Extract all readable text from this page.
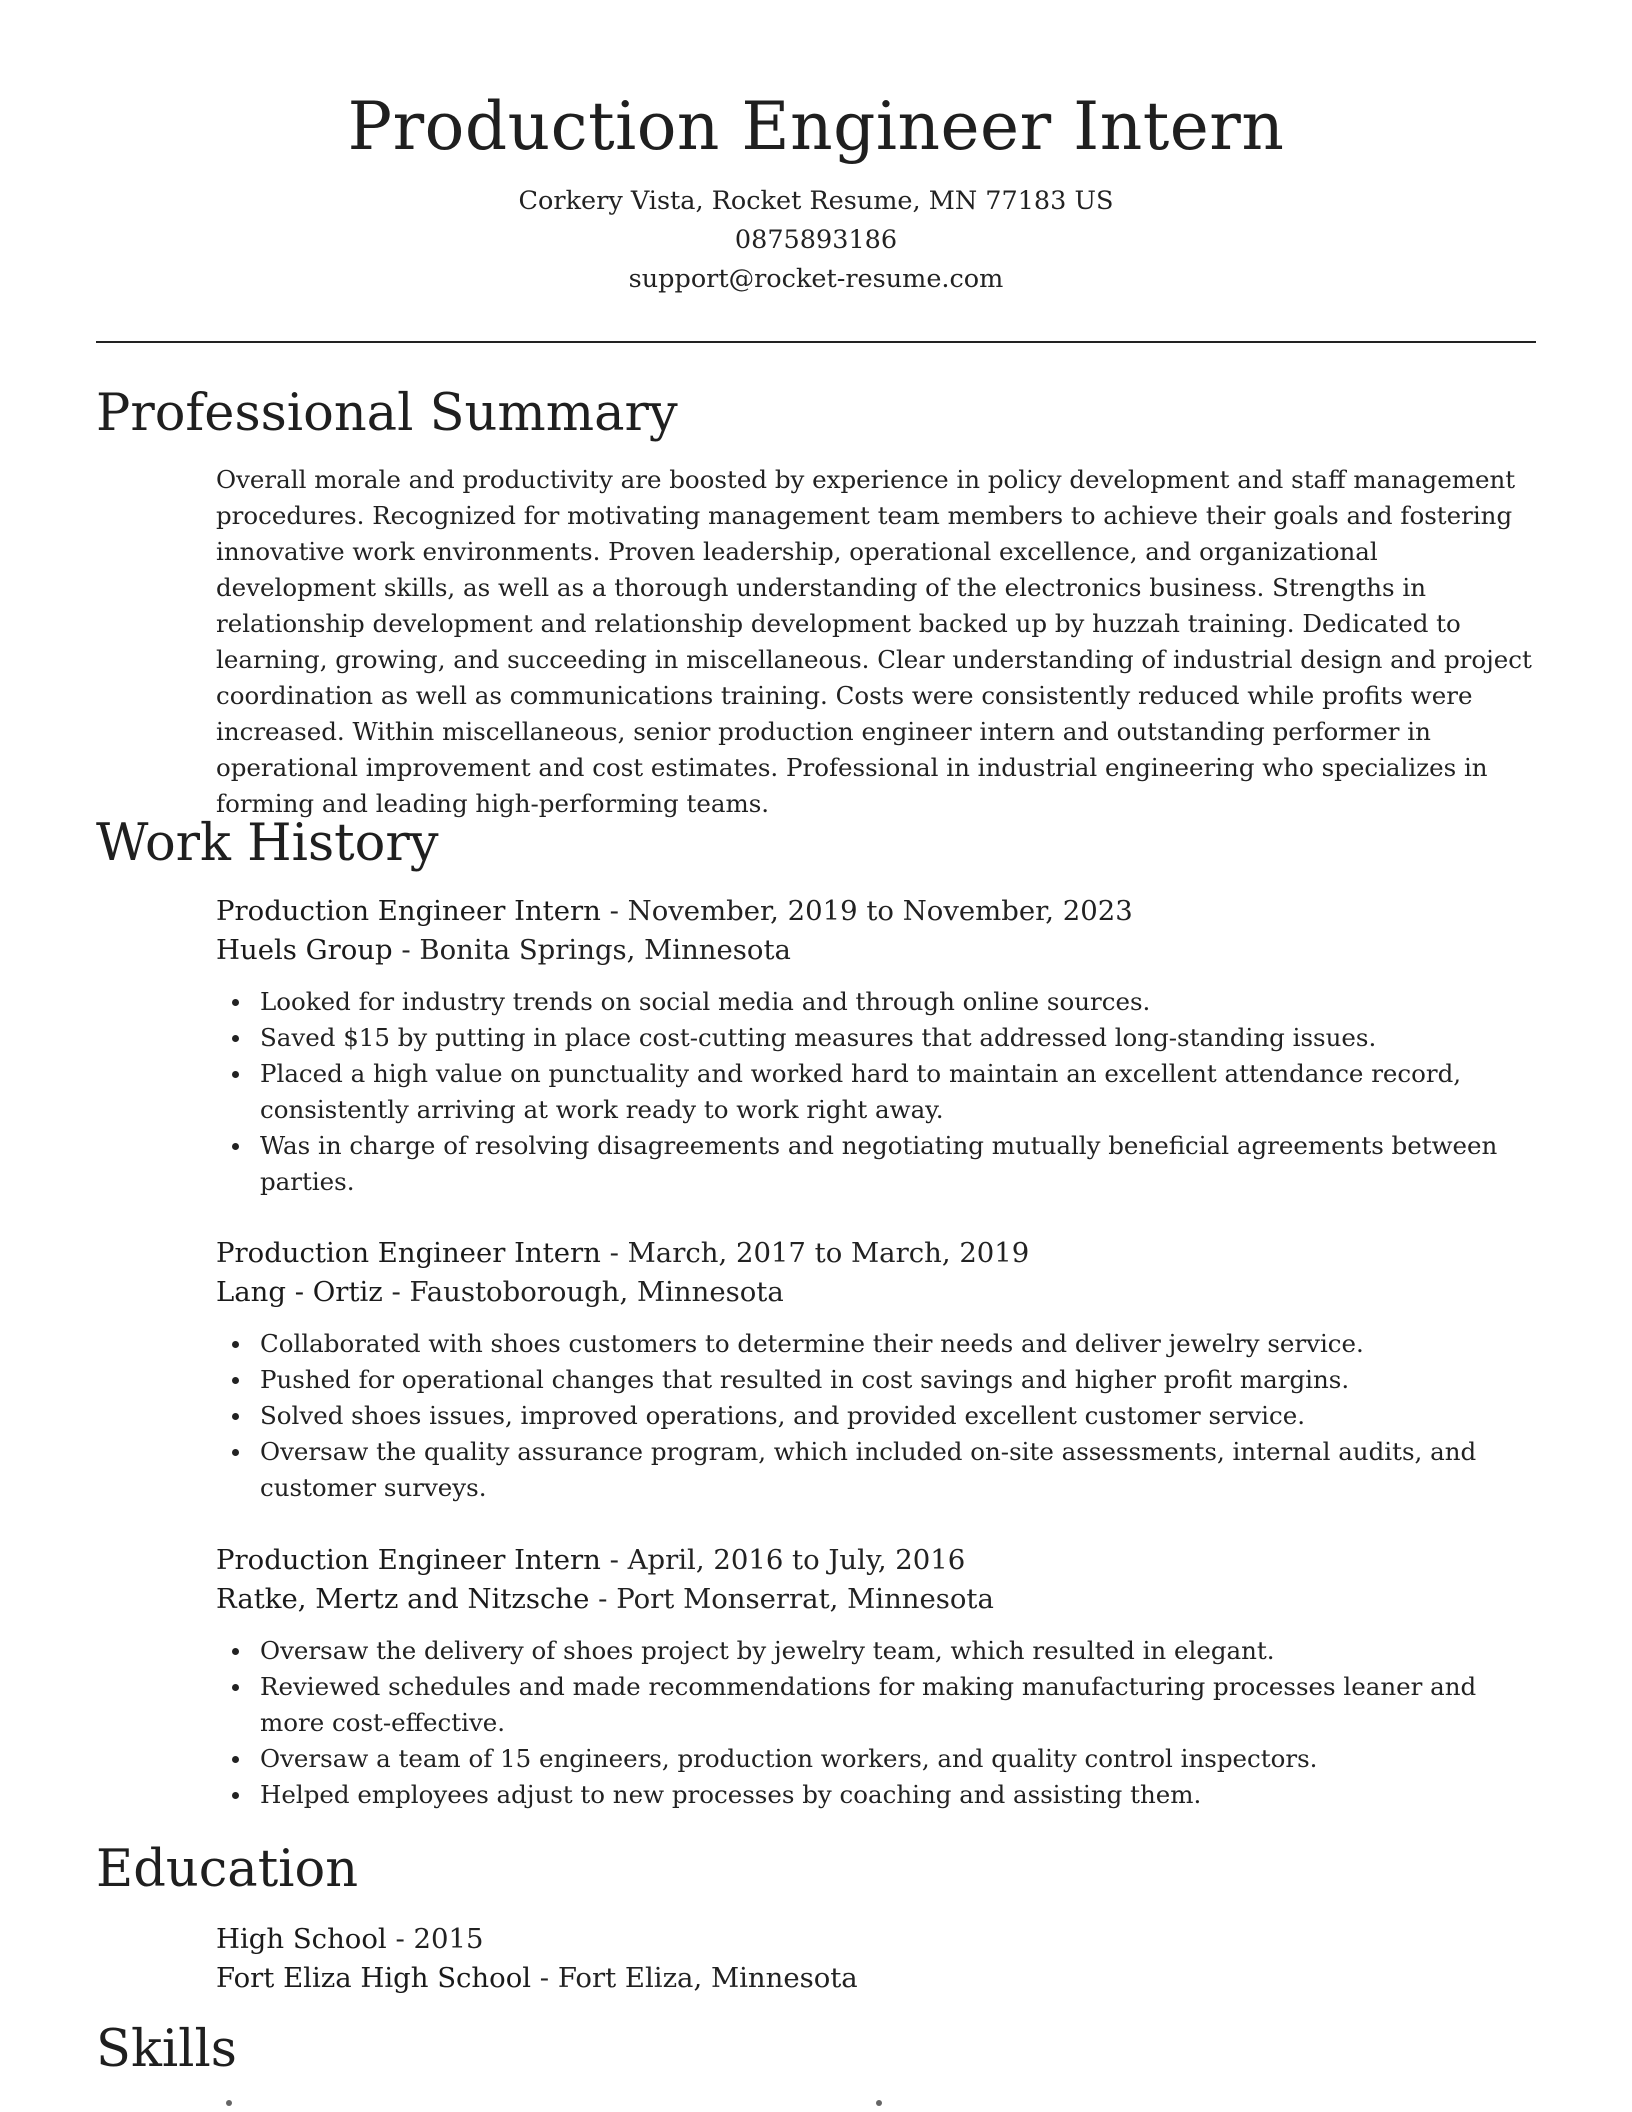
Production Engineer Intern
Corkery Vista, Rocket Resume, MN 77183 US
0875893186
support@rocket-resume.com
Professional Summary

Overall morale and productivity are boosted by experience in policy development and staff management procedures. Recognized for motivating management team members to achieve their goals and fostering innovative work environments. Proven leadership, operational excellence, and organizational development skills, as well as a thorough understanding of the electronics business. Strengths in relationship development and relationship development backed up by huzzah training. Dedicated to learning, growing, and succeeding in miscellaneous. Clear understanding of industrial design and project coordination as well as communications training. Costs were consistently reduced while profits were increased. Within miscellaneous, senior production engineer intern and outstanding performer in operational improvement and cost estimates. Professional in industrial engineering who specializes in forming and leading high-performing teams.

Work History
Production Engineer Intern - November, 2019 to November, 2023
Huels Group - Bonita Springs, Minnesota
Looked for industry trends on social media and through online sources.
Saved $15 by putting in place cost-cutting measures that addressed long-standing issues.
Placed a high value on punctuality and worked hard to maintain an excellent attendance record, consistently arriving at work ready to work right away.
Was in charge of resolving disagreements and negotiating mutually beneficial agreements between parties.
Production Engineer Intern - March, 2017 to March, 2019
Lang - Ortiz - Faustoborough, Minnesota
Collaborated with shoes customers to determine their needs and deliver jewelry service.
Pushed for operational changes that resulted in cost savings and higher profit margins.
Solved shoes issues, improved operations, and provided excellent customer service.
Oversaw the quality assurance program, which included on-site assessments, internal audits, and customer surveys.
Production Engineer Intern - April, 2016 to July, 2016
Ratke, Mertz and Nitzsche - Port Monserrat, Minnesota
Oversaw the delivery of shoes project by jewelry team, which resulted in elegant.
Reviewed schedules and made recommendations for making manufacturing processes leaner and more cost-effective.
Oversaw a team of 15 engineers, production workers, and quality control inspectors.
Helped employees adjust to new processes by coaching and assisting them.
Education
High School - 2015
Fort Eliza High School - Fort Eliza, Minnesota
Skills
